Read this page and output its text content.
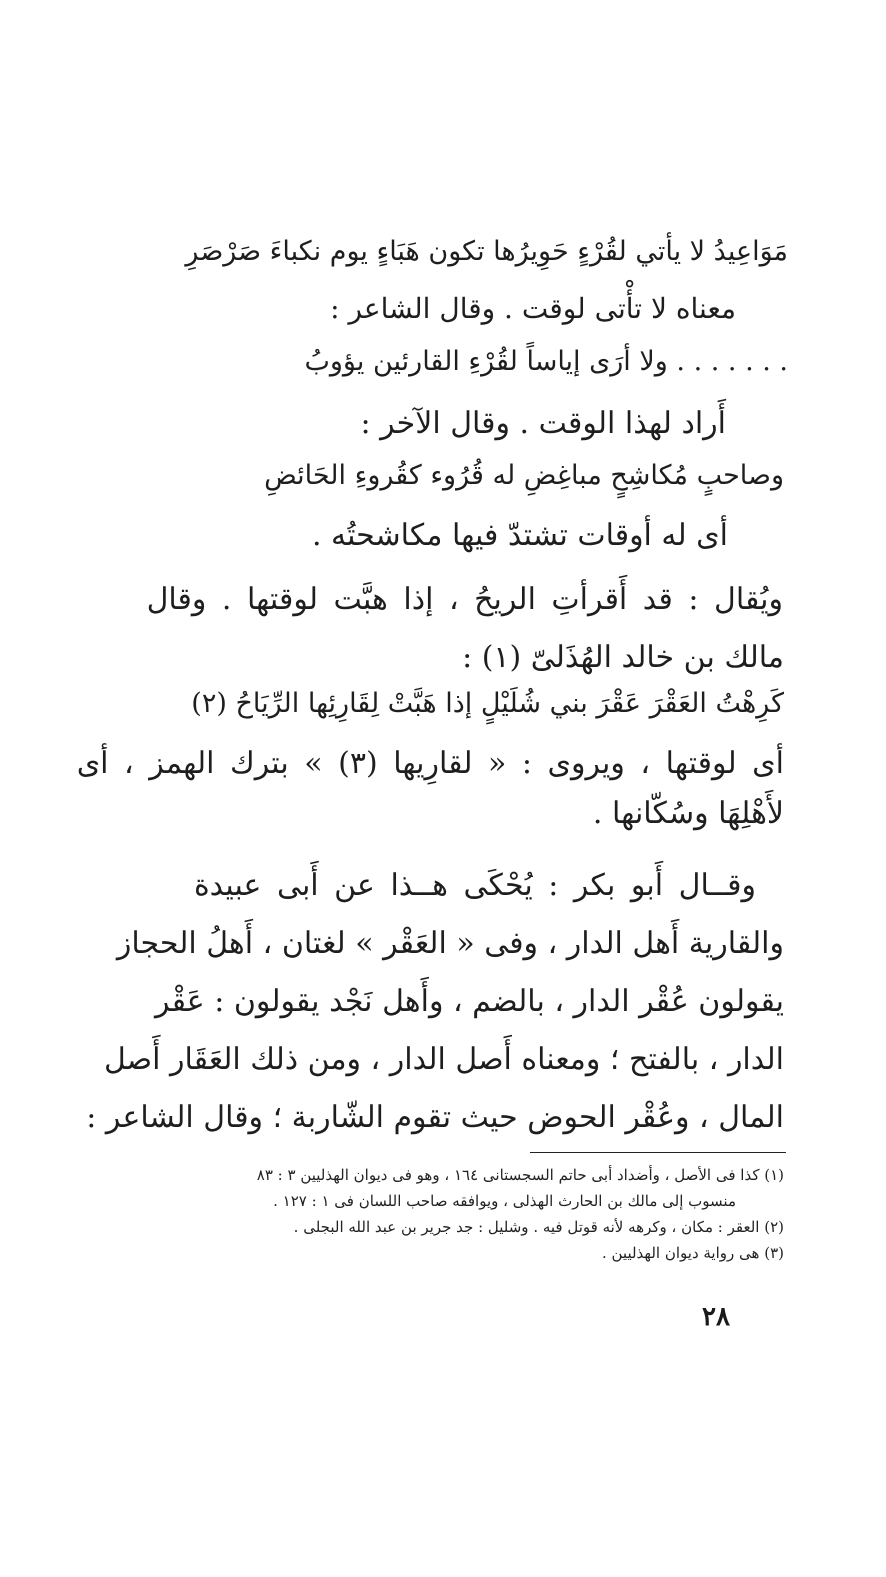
مَوَاعِيدُ لا يأتي لقُرْءٍ حَوِيرُها تكون هَبَاءٍ يوم نكباءَ صَرْصَرِ
معناه لا تأْتى لوقت . وقال الشاعر :
. . . . . . . ولا أرَى إياساً لقُرْءِ القارئين يؤوبُ
أَراد لهذا الوقت . وقال الآخر :
وصاحبٍ مُكاشِحٍ مباغِضِ له قُرُوء كقُروءِ الحَائضِ
أى له أوقات تشتدّ فيها مكاشحتُه .
ويُقال : قد أَقرأتِ الريحُ ، إذا هبَّت لوقتها . وقال
مالك بن خالد الهُذَلىّ (١) :
كَرِهْتُ العَقْرَ عَقْرَ بني شُلَيْلٍ إذا هَبَّتْ لِقَارِئِها الرِّيَاحُ (٢)
أى لوقتها ، ويروى : « لقارِيها (٣) » بترك الهمز ، أى
لأَهْلِهَا وسُكّانها .
وقــال أَبو بكر : يُحْكَى هــذا عن أَبى عبيدة
والقارية أَهل الدار ، وفى « العَقْر » لغتان ، أَهلُ الحجاز
يقولون عُقْر الدار ، بالضم ، وأَهل نَجْد يقولون : عَقْر
الدار ، بالفتح ؛ ومعناه أَصل الدار ، ومن ذلك العَقَار أَصل
المال ، وعُقْر الحوض حيث تقوم الشّاربة ؛ وقال الشاعر :
(١) كذا فى الأصل ، وأضداد أبى حاتم السجستانى ١٦٤ ، وهو فى ديوان الهذليين ٣ : ٨٣
منسوب إلى مالك بن الحارث الهذلى ، ويوافقه صاحب اللسان فى ١ : ١٢٧ .
(٢) العقر : مكان ، وكرهه لأنه قوتل فيه . وشليل : جد جرير بن عبد الله البجلى .
(٣) هى رواية ديوان الهذليين .
٢٨
